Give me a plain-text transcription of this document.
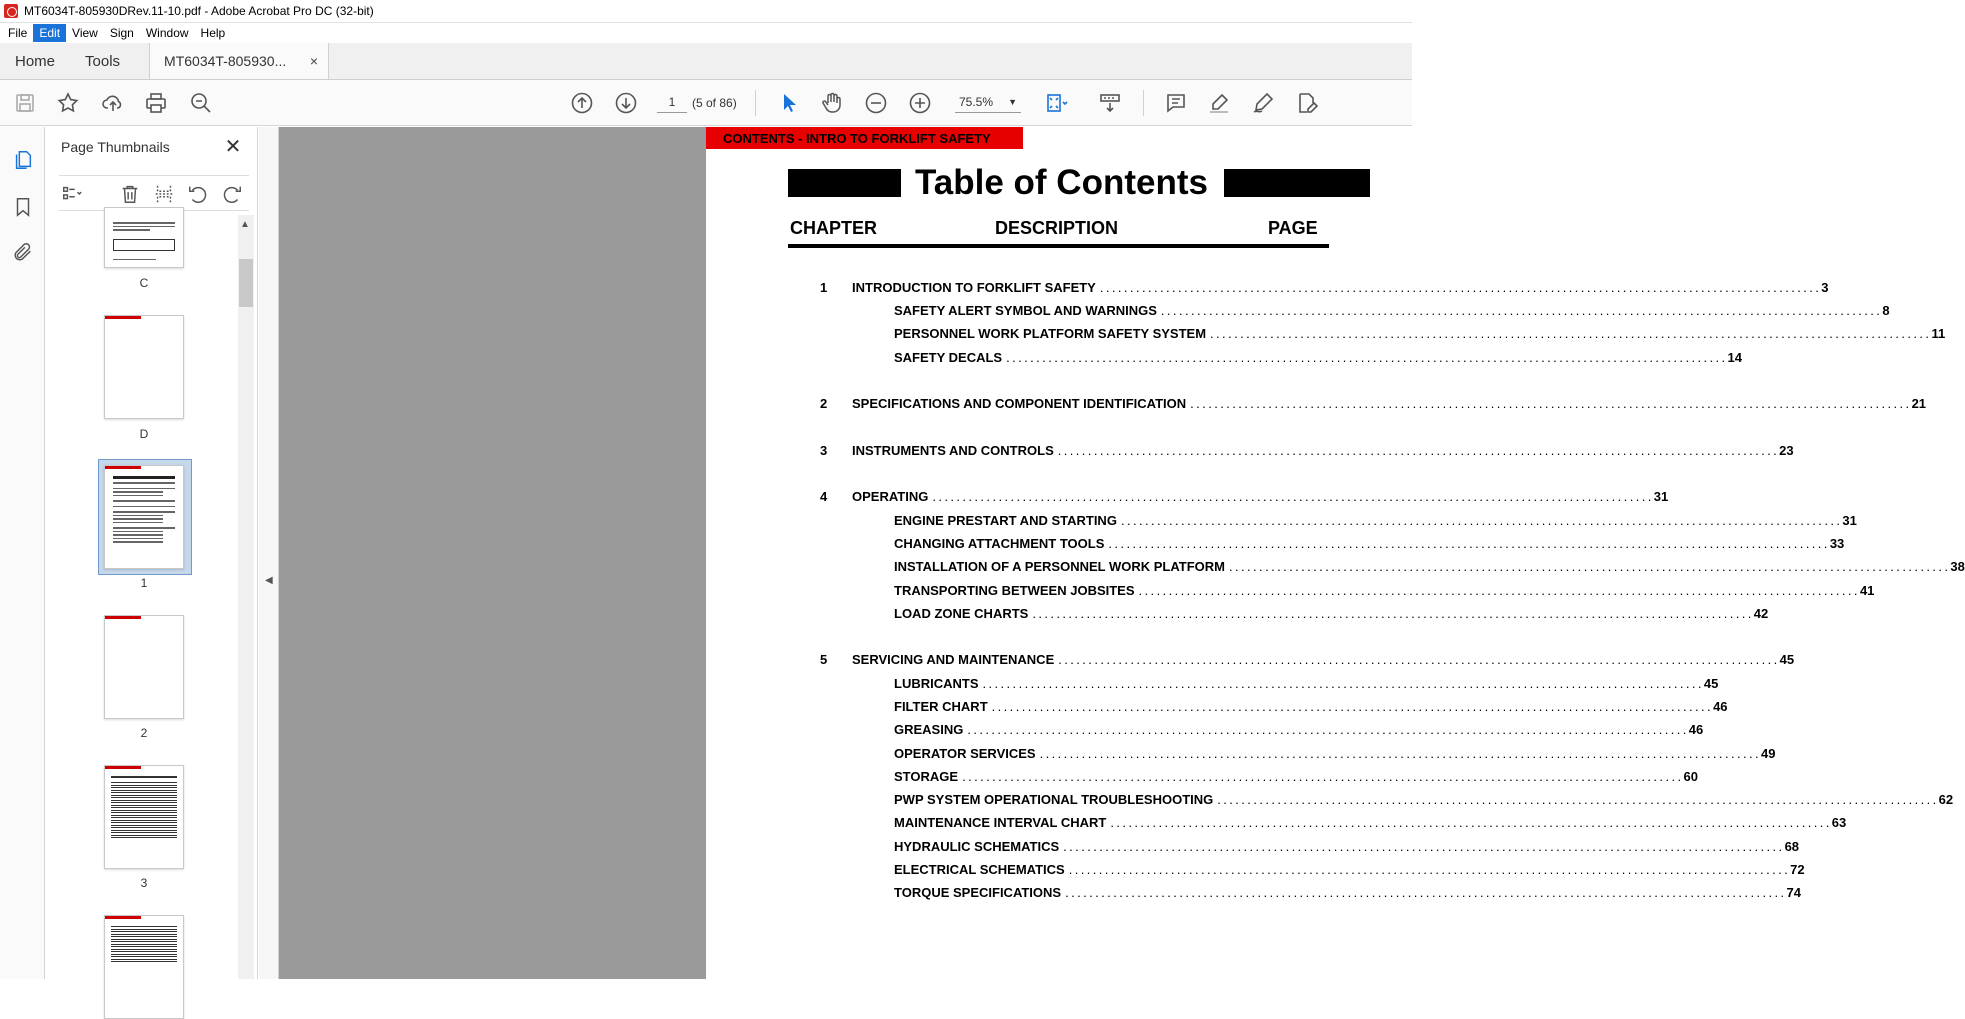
MT6034T-805930DRev.11-10.pdf - Adobe Acrobat Pro DC (32-bit)
File	Edit	View	Sign	Window	Help
Home	Tools	MT6034T-805930... ×
1
(5 of 86)	75.5% ▼
Page Thumbnails	✕
C
D
1
2
3
▲
◀
CONTENTS - INTRO TO FORKLIFT SAFETY
Table of Contents
CHAPTER	DESCRIPTION	PAGE
1 INTRODUCTION TO FORKLIFT SAFETY ........................................................................................................................ 3
SAFETY ALERT SYMBOL AND WARNINGS ........................................................................................................................ 8
PERSONNEL WORK PLATFORM SAFETY SYSTEM ........................................................................................................................ 11
SAFETY DECALS ........................................................................................................................ 14
2 SPECIFICATIONS AND COMPONENT IDENTIFICATION ........................................................................................................................ 21
3 INSTRUMENTS AND CONTROLS ........................................................................................................................ 23
4 OPERATING ........................................................................................................................ 31
ENGINE PRESTART AND STARTING ........................................................................................................................ 31
CHANGING ATTACHMENT TOOLS ........................................................................................................................ 33
INSTALLATION OF A PERSONNEL WORK PLATFORM ........................................................................................................................ 38
TRANSPORTING BETWEEN JOBSITES ........................................................................................................................ 41
LOAD ZONE CHARTS ........................................................................................................................ 42
5 SERVICING AND MAINTENANCE ........................................................................................................................ 45
LUBRICANTS ........................................................................................................................ 45
FILTER CHART ........................................................................................................................ 46
GREASING ........................................................................................................................ 46
OPERATOR SERVICES ........................................................................................................................ 49
STORAGE ........................................................................................................................ 60
PWP SYSTEM OPERATIONAL TROUBLESHOOTING ........................................................................................................................ 62
MAINTENANCE INTERVAL CHART ........................................................................................................................ 63
HYDRAULIC SCHEMATICS ........................................................................................................................ 68
ELECTRICAL SCHEMATICS ........................................................................................................................ 72
TORQUE SPECIFICATIONS ........................................................................................................................ 74
